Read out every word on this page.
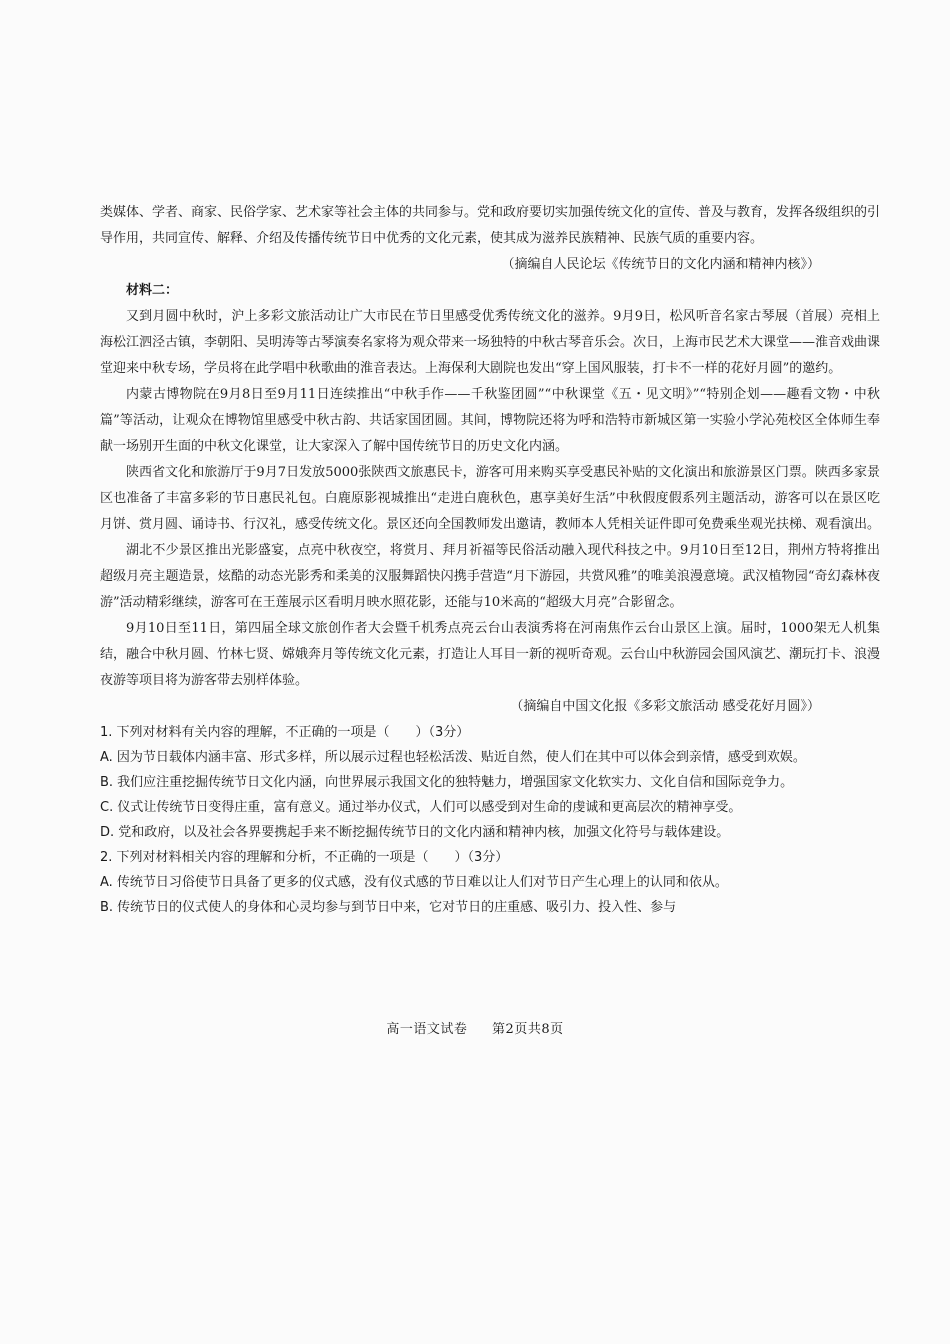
类媒体、学者、商家、民俗学家、艺术家等社会主体的共同参与。党和政府要切实加强传统文化的宣传、普及与教育，发挥各级组织的引导作用，共同宣传、解释、介绍及传播传统节日中优秀的文化元素，使其成为滋养民族精神、民族气质的重要内容。

（摘编自人民论坛《传统节日的文化内涵和精神内核》）

材料二：

又到月圆中秋时，沪上多彩文旅活动让广大市民在节日里感受优秀传统文化的滋养。9月9日，松风听音名家古琴展（首展）亮相上海松江泗泾古镇，李朝阳、吴明涛等古琴演奏名家将为观众带来一场独特的中秋古琴音乐会。次日，上海市民艺术大课堂——淮音戏曲课堂迎来中秋专场，学员将在此学唱中秋歌曲的淮音表达。上海保利大剧院也发出“穿上国风服装，打卡不一样的花好月圆”的邀约。

内蒙古博物院在9月8日至9月11日连续推出“中秋手作——千秋鉴团圆”“中秋课堂《五・见文明》”“特别企划——趣看文物・中秋篇”等活动，让观众在博物馆里感受中秋古韵、共话家国团圆。其间，博物院还将为呼和浩特市新城区第一实验小学沁苑校区全体师生奉献一场别开生面的中秋文化课堂，让大家深入了解中国传统节日的历史文化内涵。

陕西省文化和旅游厅于9月7日发放5000张陕西文旅惠民卡，游客可用来购买享受惠民补贴的文化演出和旅游景区门票。陕西多家景区也准备了丰富多彩的节日惠民礼包。白鹿原影视城推出“走进白鹿秋色，惠享美好生活”中秋假度假系列主题活动，游客可以在景区吃月饼、赏月圆、诵诗书、行汉礼，感受传统文化。景区还向全国教师发出邀请，教师本人凭相关证件即可免费乘坐观光扶梯、观看演出。

湖北不少景区推出光影盛宴，点亮中秋夜空，将赏月、拜月祈福等民俗活动融入现代科技之中。9月10日至12日，荆州方特将推出超级月亮主题造景，炫酷的动态光影秀和柔美的汉服舞蹈快闪携手营造“月下游园，共赏风雅”的唯美浪漫意境。武汉植物园“奇幻森林夜游”活动精彩继续，游客可在王莲展示区看明月映水照花影，还能与10米高的“超级大月亮”合影留念。

9月10日至11日，第四届全球文旅创作者大会暨千机秀点亮云台山表演秀将在河南焦作云台山景区上演。届时，1000架无人机集结，融合中秋月圆、竹林七贤、嫦娥奔月等传统文化元素，打造让人耳目一新的视听奇观。云台山中秋游园会国风演艺、潮玩打卡、浪漫夜游等项目将为游客带去别样体验。

（摘编自中国文化报《多彩文旅活动 感受花好月圆》）

1. 下列对材料有关内容的理解，不正确的一项是（　　）（3分）

A. 因为节日载体内涵丰富、形式多样，所以展示过程也轻松活泼、贴近自然，使人们在其中可以体会到亲情，感受到欢娱。

B. 我们应注重挖掘传统节日文化内涵，向世界展示我国文化的独特魅力，增强国家文化软实力、文化自信和国际竞争力。

C. 仪式让传统节日变得庄重，富有意义。通过举办仪式，人们可以感受到对生命的虔诚和更高层次的精神享受。

D. 党和政府，以及社会各界要携起手来不断挖掘传统节日的文化内涵和精神内核，加强文化符号与载体建设。

2. 下列对材料相关内容的理解和分析，不正确的一项是（　　）（3分）

A. 传统节日习俗使节日具备了更多的仪式感，没有仪式感的节日难以让人们对节日产生心理上的认同和依从。

B. 传统节日的仪式使人的身体和心灵均参与到节日中来，它对节日的庄重感、吸引力、投入性、参与

高一语文试卷 第2页共8页
